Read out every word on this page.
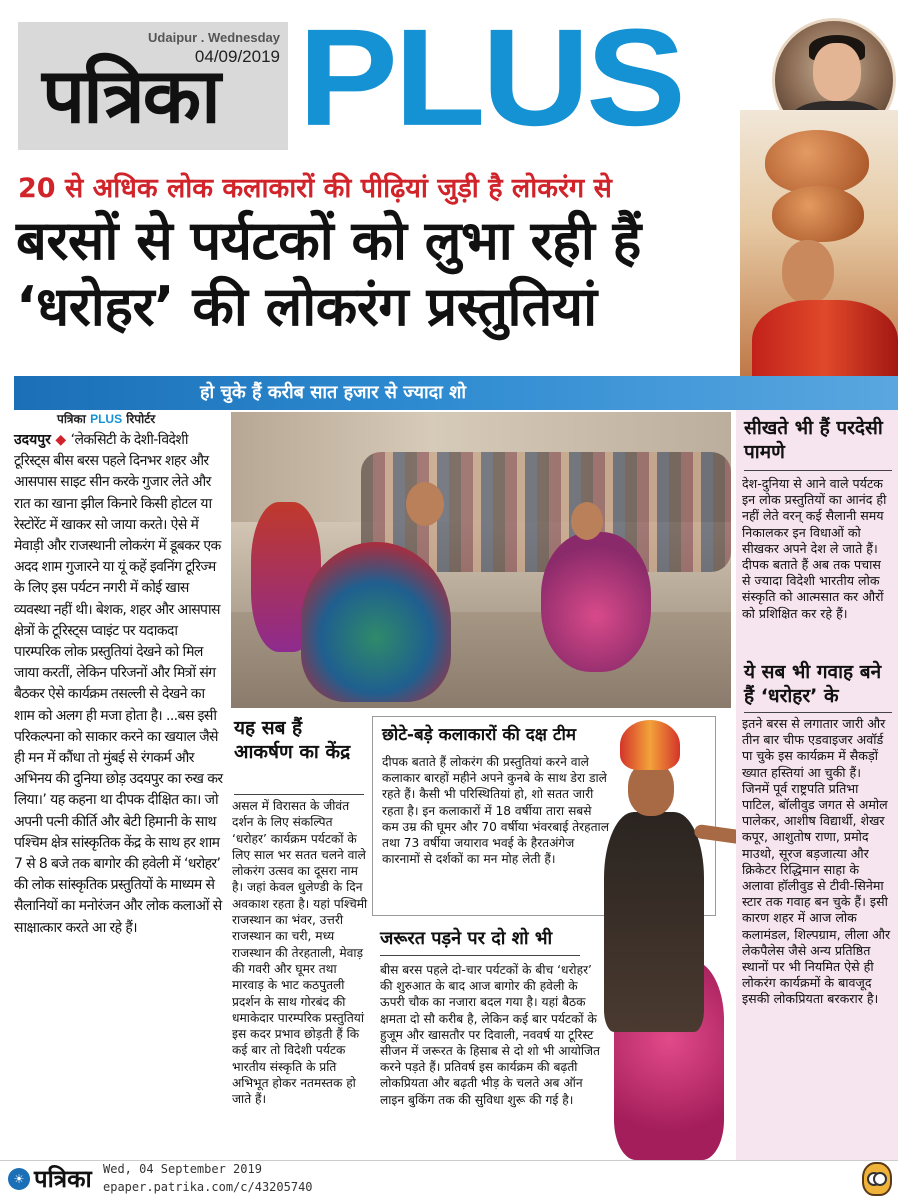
Udaipur . Wednesday
04/09/2019
पत्रिका PLUS
20 से अधिक लोक कलाकारों की पीढ़ियां जुड़ी है लोकरंग से
बरसों से पर्यटकों को लुभा रही हैं
‘धरोहर’ की लोकरंग प्रस्तुतियां
हो चुके हैं करीब सात हजार से ज्यादा शो
पत्रिका PLUS रिपोर्टर
उदयपुर ◆ ‘लेकसिटी के देशी-विदेशी टूरिस्ट्स बीस बरस पहले दिनभर शहर और आसपास साइट सीन करके गुजार लेते और रात का खाना झील किनारे किसी होटल या रेस्टोरेंट में खाकर सो जाया करते। ऐसे में मेवाड़ी और राजस्थानी लोकरंग में डूबकर एक अदद शाम गुजारने या यूं कहें इवनिंग टूरिज्म के लिए इस पर्यटन नगरी में कोई खास व्यवस्था नहीं थी। बेशक, शहर और आसपास क्षेत्रों के टूरिस्ट्स प्वाइंट पर यदाकदा पारम्परिक लोक प्रस्तुतियां देखने को मिल जाया करतीं, लेकिन परिजनों और मित्रों संग बैठकर ऐसे कार्यक्रम तसल्ली से देखने का शाम को अलग ही मजा होता है। ...बस इसी परिकल्पना को साकार करने का खयाल जैसे ही मन में कौंधा तो मुंबई से रंगकर्म और अभिनय की दुनिया छोड़ उदयपुर का रुख कर लिया।’ यह कहना था दीपक दीक्षित का। जो अपनी पत्नी कीर्ति और बेटी हिमानी के साथ पश्चिम क्षेत्र सांस्कृतिक केंद्र के साथ हर शाम 7 से 8 बजे तक बागोर की हवेली में ‘धरोहर’ की लोक सांस्कृतिक प्रस्तुतियों के माध्यम से सैलानियों का मनोरंजन और लोक कलाओं से साक्षात्कार करते आ रहे हैं।
सीखते भी हैं परदेसी पामणे
देश-दुनिया से आने वाले पर्यटक इन लोक प्रस्तुतियों का आनंद ही नहीं लेते वरन् कई सैलानी समय निकालकर इन विधाओं को सीखकर अपने देश ले जाते हैं। दीपक बताते हैं अब तक पचास से ज्यादा विदेशी भारतीय लोक संस्कृति को आत्मसात कर औरों को प्रशिक्षित कर रहे हैं।
ये सब भी गवाह बने हैं ‘धरोहर’ के
इतने बरस से लगातार जारी और तीन बार चीफ एडवाइजर अवॉर्ड पा चुके इस कार्यक्रम में सैकड़ों ख्यात हस्तियां आ चुकी हैं। जिनमें पूर्व राष्ट्रपति प्रतिभा पाटिल, बॉलीवुड जगत से अमोल पालेकर, आशीष विद्यार्थी, शेखर कपूर, आशुतोष राणा, प्रमोद माउथो, सूरज बड़जात्या और क्रिकेटर रिद्धिमान साहा के अलावा हॉलीवुड से टीवी-सिनेमा स्टार तक गवाह बन चुके हैं। इसी कारण शहर में आज लोक कलामंडल, शिल्पग्राम, लीला और लेकपैलेस जैसे अन्य प्रतिष्ठित स्थानों पर भी नियमित ऐसे ही लोकरंग कार्यक्रमों के बावजूद इसकी लोकप्रियता बरकरार है।
यह सब हैं आकर्षण का केंद्र
असल में विरासत के जीवंत दर्शन के लिए संकल्पित ‘धरोहर’ कार्यक्रम पर्यटकों के लिए साल भर सतत चलने वाले लोकरंग उत्सव का दूसरा नाम है। जहां केवल धुलेण्डी के दिन अवकाश रहता है। यहां पश्चिमी राजस्थान का भंवर, उत्तरी राजस्थान का चरी, मध्य राजस्थान की तेरहताली, मेवाड़ की गवरी और घूमर तथा मारवाड़ के भाट कठपुतली प्रदर्शन के साथ गोरबंद की धमाकेदार पारम्परिक प्रस्तुतियां इस कदर प्रभाव छोड़ती हैं कि कई बार तो विदेशी पर्यटक भारतीय संस्कृति के प्रति अभिभूत होकर नतमस्तक हो जाते हैं।
छोटे-बड़े कलाकारों की दक्ष टीम
दीपक बताते हैं लोकरंग की प्रस्तुतियां करने वाले कलाकार बारहों महीने अपने कुनबे के साथ डेरा डाले रहते हैं। कैसी भी परिस्थितियां हो, शो सतत जारी रहता है। इन कलाकारों में 18 वर्षीया तारा सबसे कम उम्र की घूमर और 70 वर्षीया भंवरबाई तेरहताल तथा 73 वर्षीया जयाराव भवई के हैरतअंगेज कारनामों से दर्शकों का मन मोह लेती हैं।
जरूरत पड़ने पर दो शो भी
बीस बरस पहले दो-चार पर्यटकों के बीच ‘धरोहर’ की शुरुआत के बाद आज बागोर की हवेली के ऊपरी चौक का नजारा बदल गया है। यहां बैठक क्षमता दो सौ करीब है, लेकिन कई बार पर्यटकों के हुजूम और खासतौर पर दिवाली, नववर्ष या टूरिस्ट सीजन में जरूरत के हिसाब से दो शो भी आयोजित करने पड़ते हैं। प्रतिवर्ष इस कार्यक्रम की बढ़ती लोकप्रियता और बढ़ती भीड़ के चलते अब ऑन लाइन बुकिंग तक की सुविधा शुरू की गई है।
☀ पत्रिका Wed, 04 September 2019
epaper.patrika.com/c/43205740
